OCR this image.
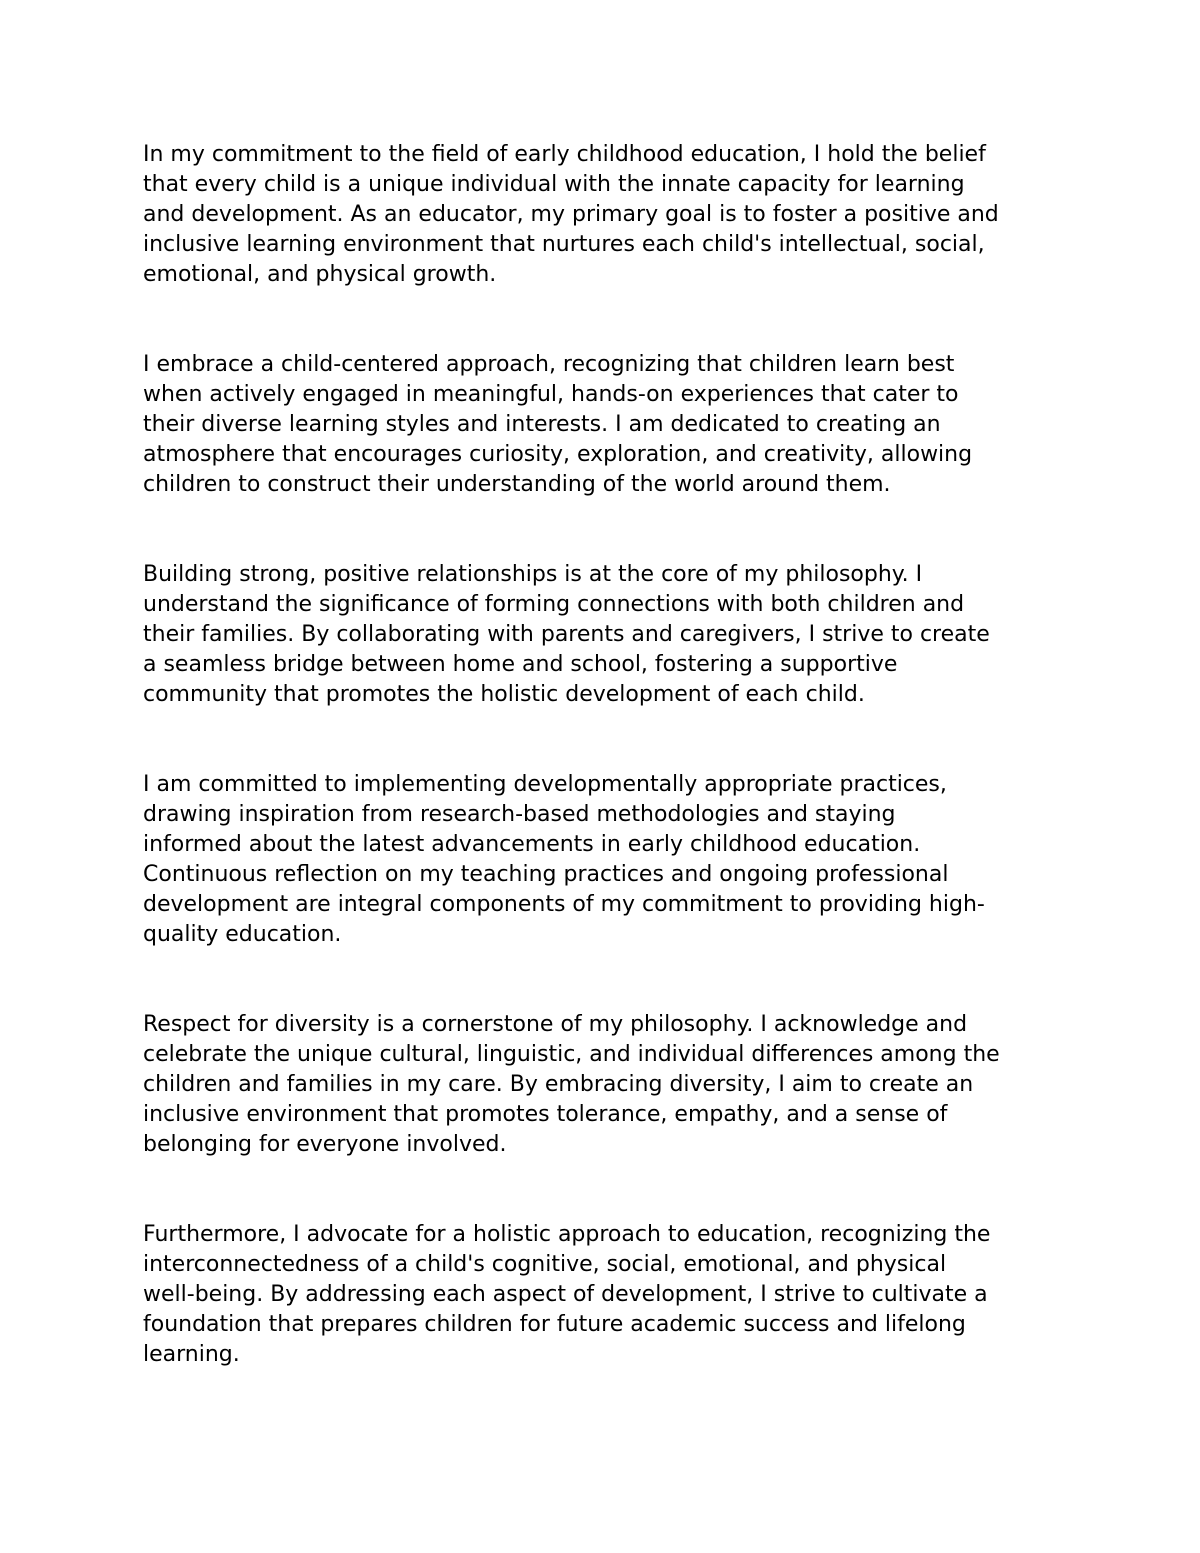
In my commitment to the field of early childhood education, I hold the belief
that every child is a unique individual with the innate capacity for learning
and development. As an educator, my primary goal is to foster a positive and
inclusive learning environment that nurtures each child's intellectual, social,
emotional, and physical growth.

I embrace a child-centered approach, recognizing that children learn best
when actively engaged in meaningful, hands-on experiences that cater to
their diverse learning styles and interests. I am dedicated to creating an
atmosphere that encourages curiosity, exploration, and creativity, allowing
children to construct their understanding of the world around them.

Building strong, positive relationships is at the core of my philosophy. I
understand the significance of forming connections with both children and
their families. By collaborating with parents and caregivers, I strive to create
a seamless bridge between home and school, fostering a supportive
community that promotes the holistic development of each child.

I am committed to implementing developmentally appropriate practices,
drawing inspiration from research-based methodologies and staying
informed about the latest advancements in early childhood education.
Continuous reflection on my teaching practices and ongoing professional
development are integral components of my commitment to providing high-
quality education.

Respect for diversity is a cornerstone of my philosophy. I acknowledge and
celebrate the unique cultural, linguistic, and individual differences among the
children and families in my care. By embracing diversity, I aim to create an
inclusive environment that promotes tolerance, empathy, and a sense of
belonging for everyone involved.

Furthermore, I advocate for a holistic approach to education, recognizing the
interconnectedness of a child's cognitive, social, emotional, and physical
well-being. By addressing each aspect of development, I strive to cultivate a
foundation that prepares children for future academic success and lifelong
learning.
